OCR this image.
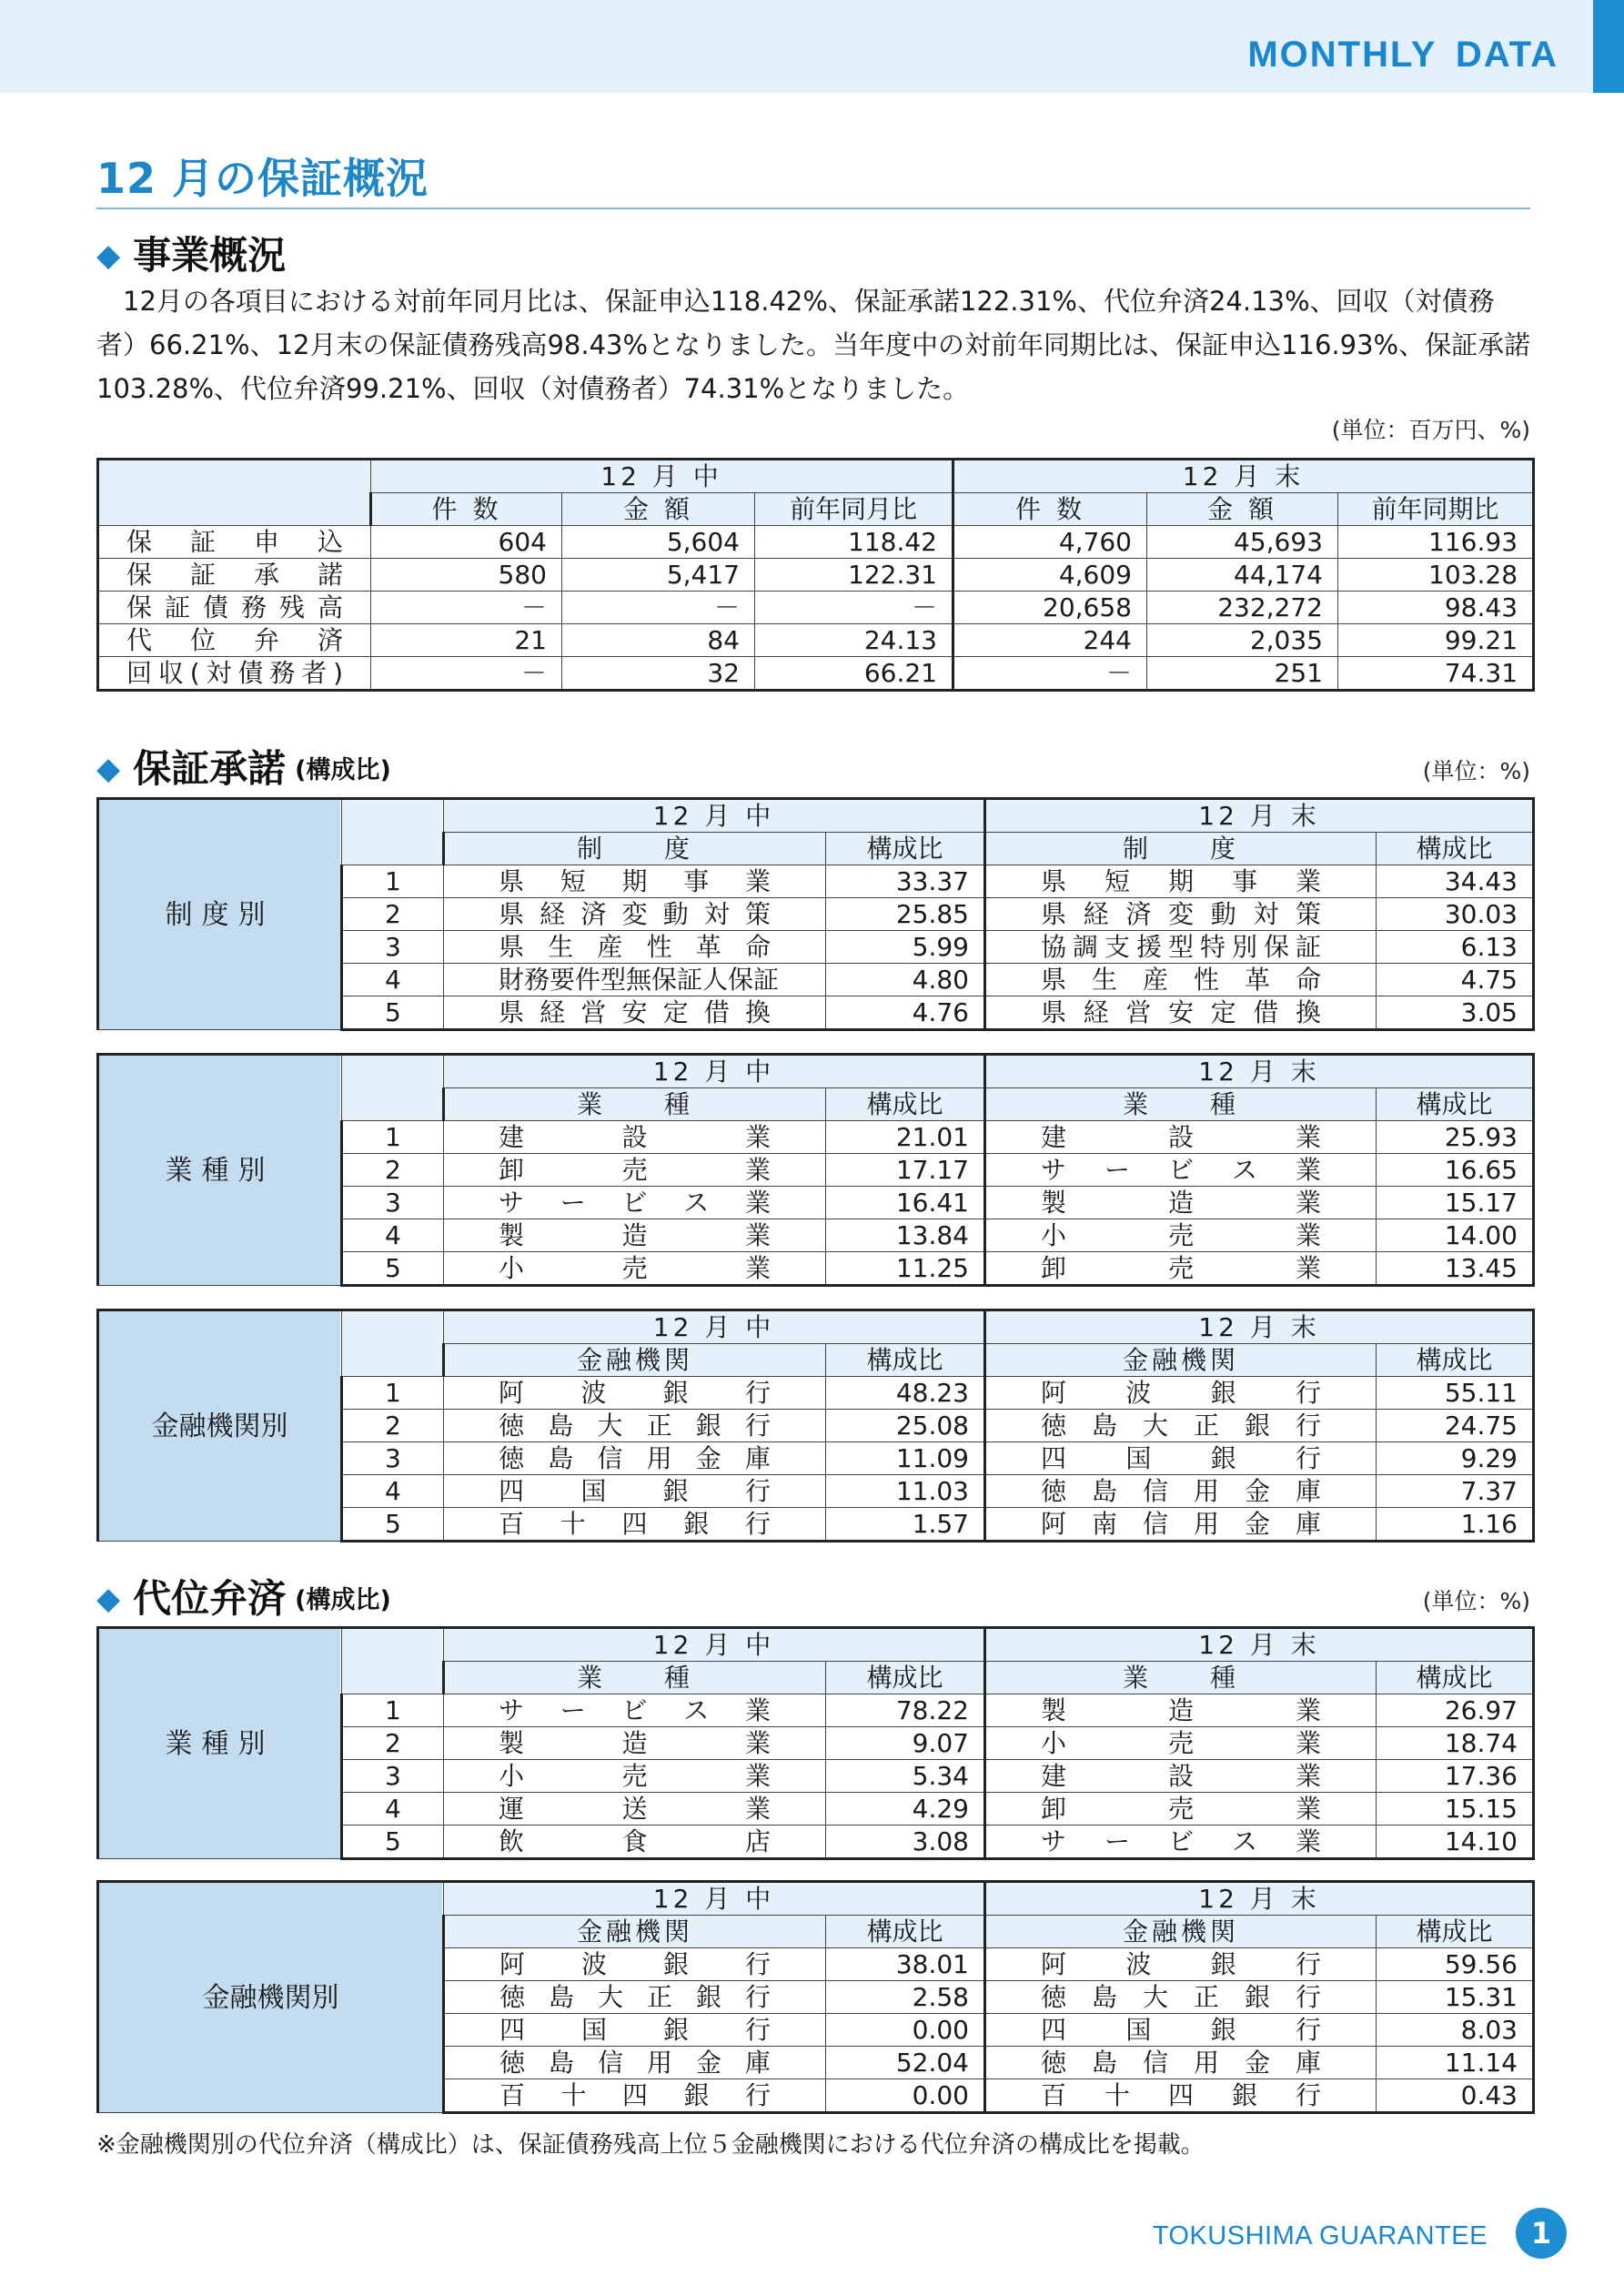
MONTHLY DATA
12 月の保証概況
◆ 事業概況

12月の各項目における対前年同月比は、保証申込118.42%、保証承諾122.31%、代位弁済24.13%、回収（対債務者）66.21%、12月末の保証債務残高98.43%となりました。当年度中の対前年同期比は、保証申込116.93%、保証承諾103.28%、代位弁済99.21%、回収（対債務者）74.31%となりました。

(単位：百万円、%)
	12 月 中			12 月 末		
	件 数	金 額	前年同月比	件 数	金 額	前年同期比
保証申込	604	5,604	118.42	4,760	45,693	116.93
保証承諾	580	5,417	122.31	4,609	44,174	103.28
保証債務残高	－	－	－	20,658	232,272	98.43
代位弁済	21	84	24.13	244	2,035	99.21
回収(対債務者)	－	32	66.21	－	251	74.31
◆ 保証承諾 (構成比)	(単位：%)
制度別		12 月 中		12 月 末	
		制　　度	構成比	制　　度	構成比
	1	県短期事業	33.37	県短期事業	34.43
	2	県経済変動対策	25.85	県経済変動対策	30.03
	3	県生産性革命	5.99	協調支援型特別保証	6.13
	4	財務要件型無保証人保証	4.80	県生産性革命	4.75
	5	県経営安定借換	4.76	県経営安定借換	3.05
業種別		12 月 中		12 月 末	
		業　　種	構成比	業　　種	構成比
	1	建設業	21.01	建設業	25.93
	2	卸売業	17.17	サービス業	16.65
	3	サービス業	16.41	製造業	15.17
	4	製造業	13.84	小売業	14.00
	5	小売業	11.25	卸売業	13.45
金融機関別		12 月 中		12 月 末	
		金融機関	構成比	金融機関	構成比
	1	阿波銀行	48.23	阿波銀行	55.11
	2	徳島大正銀行	25.08	徳島大正銀行	24.75
	3	徳島信用金庫	11.09	四国銀行	9.29
	4	四国銀行	11.03	徳島信用金庫	7.37
	5	百十四銀行	1.57	阿南信用金庫	1.16
◆ 代位弁済 (構成比)	(単位：%)
業種別		12 月 中		12 月 末	
		業　　種	構成比	業　　種	構成比
	1	サービス業	78.22	製造業	26.97
	2	製造業	9.07	小売業	18.74
	3	小売業	5.34	建設業	17.36
	4	運送業	4.29	卸売業	15.15
	5	飲食店	3.08	サービス業	14.10
金融機関別	12 月 中		12 月 末	
	金融機関	構成比	金融機関	構成比
	阿波銀行	38.01	阿波銀行	59.56
	徳島大正銀行	2.58	徳島大正銀行	15.31
	四国銀行	0.00	四国銀行	8.03
	徳島信用金庫	52.04	徳島信用金庫	11.14
	百十四銀行	0.00	百十四銀行	0.43
※金融機関別の代位弁済（構成比）は、保証債務残高上位５金融機関における代位弁済の構成比を掲載。
TOKUSHIMA GUARANTEE	1
